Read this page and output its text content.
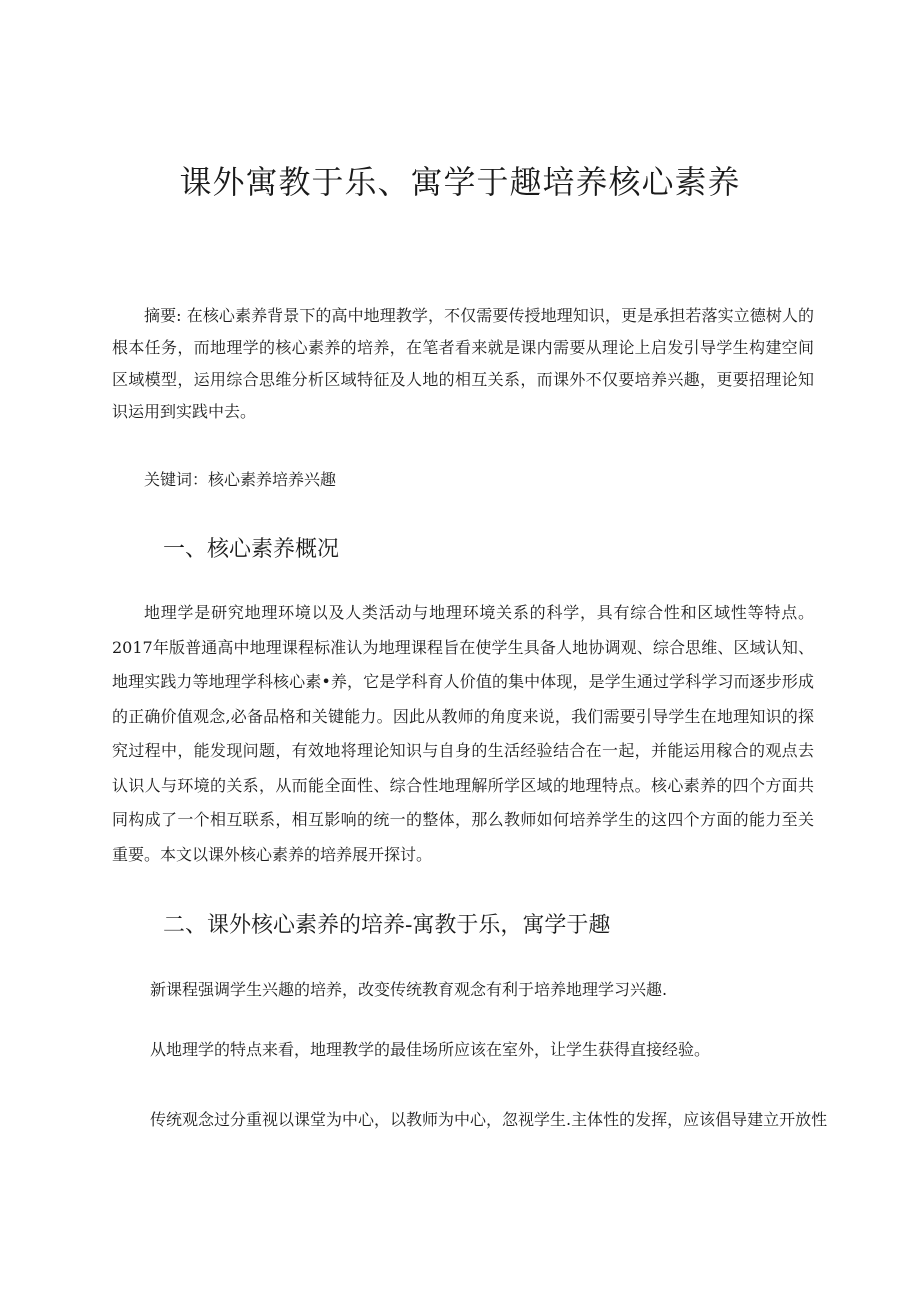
课外寓教于乐、寓学于趣培养核心素养

摘要: 在核心素养背景下的高中地理教学，不仅需要传授地理知识，更是承担若落实立德树人的根本任务，而地理学的核心素养的培养，在笔者看来就是课内需要从理论上启发引导学生构建空间区域模型，运用综合思维分析区域特征及人地的相互关系，而课外不仅要培养兴趣，更要招理论知识运用到实践中去。

关键词：核心素养培养兴趣

一、核心素养概况

地理学是研究地理环境以及人类活动与地理环境关系的科学，具有综合性和区域性等特点。2017年版普通高中地理课程标准认为地理课程旨在使学生具备人地协调观、综合思维、区域认知、地理实践力等地理学科核心素•养，它是学科育人价值的集中体现，是学生通过学科学习而逐步形成的正确价值观念,必备品格和关键能力。因此从教师的角度来说，我们需要引导学生在地理知识的探究过程中，能发现问题，有效地将理论知识与自身的生活经验结合在一起，并能运用稼合的观点去认识人与环境的关系，从而能全面性、综合性地理解所学区域的地理特点。核心素养的四个方面共同构成了一个相互联系，相互影响的统一的整体，那么教师如何培养学生的这四个方面的能力至关重要。本文以课外核心素养的培养展开探讨。

二、课外核心素养的培养-寓教于乐，寓学于趣

新课程强调学生兴趣的培养，改变传统教育观念有利于培养地理学习兴趣.

从地理学的特点来看，地理教学的最佳场所应该在室外，让学生获得直接经验。

传统观念过分重视以课堂为中心，以教师为中心，忽视学生.主体性的发挥，应该倡导建立开放性
